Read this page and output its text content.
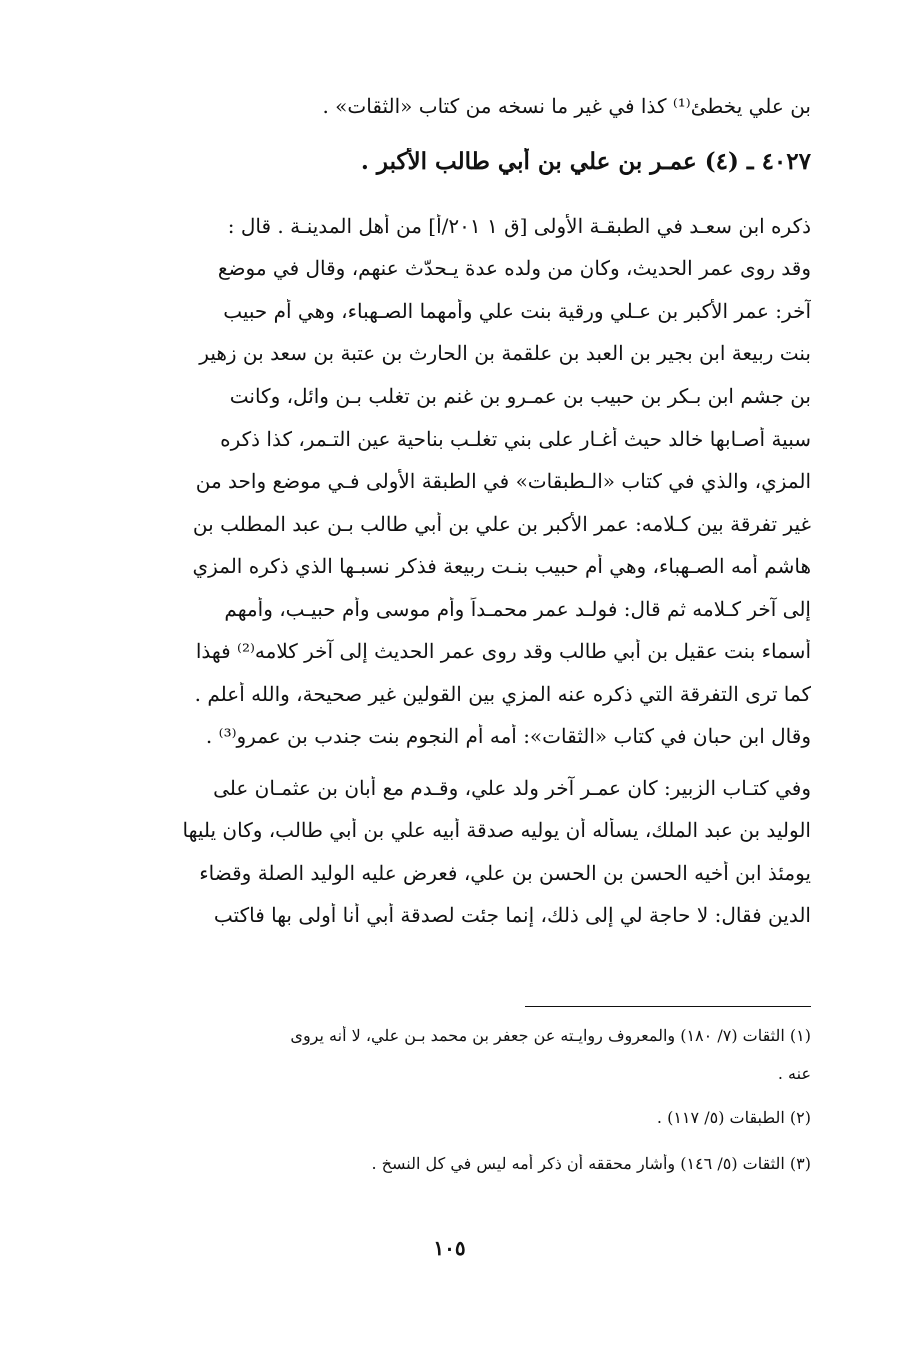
بن علي يخطئ⁽¹⁾ كذا في غير ما نسخه من كتاب «الثقات» .
٤٠٢٧ ـ (٤) عمـر بن علي بن أبي طالب الأكبر .
ذكره ابن سعـد في الطبقـة الأولى [ق ١ ٢٠١/أ] من أهل المدينـة . قال :
وقد روى عمر الحديث، وكان من ولده عدة يـحدّث عنهم، وقال في موضع
آخر: عمر الأكبر بن عـلي ورقية بنت علي وأمهما الصـهباء، وهي أم حبيب
بنت ربيعة ابن بجير بن العبد بن علقمة بن الحارث بن عتبة بن سعد بن زهير
بن جشم ابن بـكر بن حبيب بن عمـرو بن غنم بن تغلب بـن وائل، وكانت
سبية أصـابها خالد حيث أغـار على بني تغلـب بناحية عين التـمر، كذا ذكره
المزي، والذي في كتاب «الـطبقات» في الطبقة الأولى فـي موضع واحد من
غير تفرقة بين كـلامه: عمر الأكبر بن علي بن أبي طالب بـن عبد المطلب بن
هاشم أمه الصـهباء، وهي أم حبيب بنـت ربيعة فذكر نسبـها الذي ذكره المزي
إلى آخر كـلامه ثم قال: فولـد عمر محمـداً وأم موسى وأم حبيـب، وأمهم
أسماء بنت عقيل بن أبي طالب وقد روى عمر الحديث إلى آخر كلامه⁽²⁾ فهذا
كما ترى التفرقة التي ذكره عنه المزي بين القولين غير صحيحة، والله أعلم .
وقال ابن حبان في كتاب «الثقات»: أمه أم النجوم بنت جندب بن عمرو⁽³⁾ .
وفي كتـاب الزبير: كان عمـر آخر ولد علي، وقـدم مع أبان بن عثمـان على
الوليد بن عبد الملك، يسأله أن يوليه صدقة أبيه علي بن أبي طالب، وكان يليها
يومئذ ابن أخيه الحسن بن الحسن بن علي، فعرض عليه الوليد الصلة وقضاء
الدين فقال: لا حاجة لي إلى ذلك، إنما جئت لصدقة أبي أنا أولى بها فاكتب
(١) الثقات (٧/ ١٨٠) والمعروف روايـته عن جعفر بن محمد بـن علي، لا أنه يروى
عنه .
(٢) الطبقات (٥/ ١١٧) .
(٣) الثقات (٥/ ١٤٦) وأشار محققه أن ذكر أمه ليس في كل النسخ .
١٠٥
